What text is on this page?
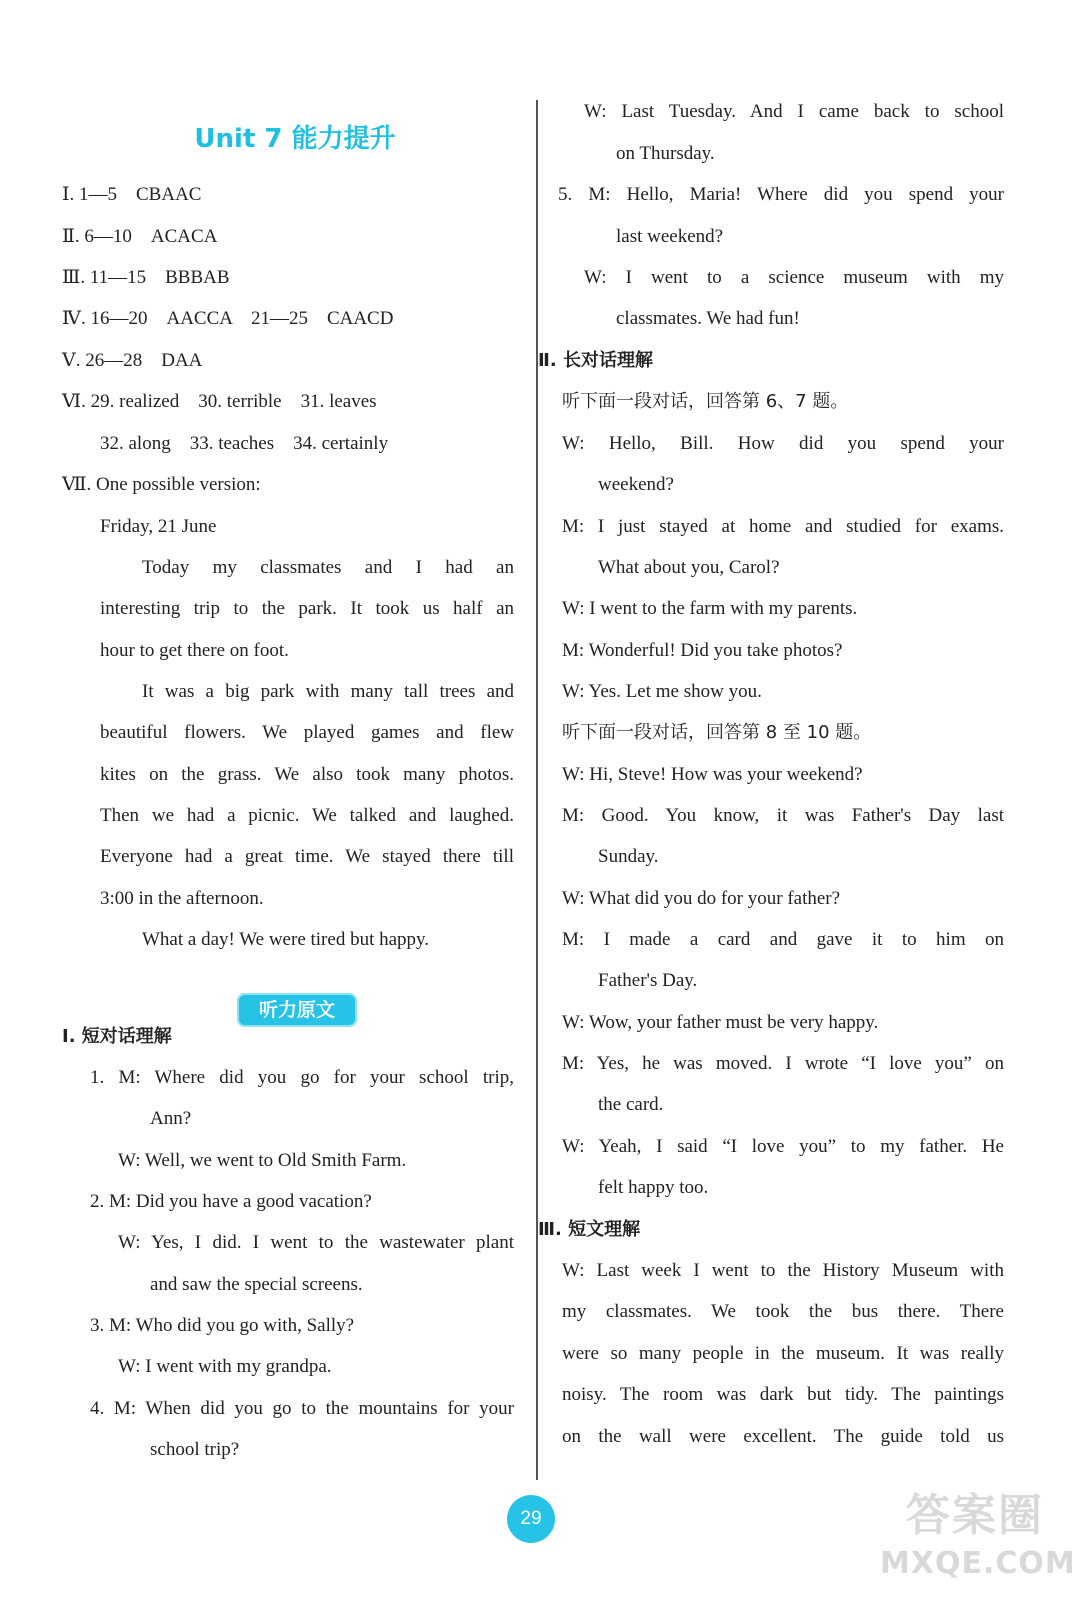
Unit 7 能力提升
Ⅰ. 1—5　CBAAC
Ⅱ. 6—10　ACACA
Ⅲ. 11—15　BBBAB
Ⅳ. 16—20　AACCA　21—25　CAACD
Ⅴ. 26—28　DAA
Ⅵ. 29. realized　30. terrible　31. leaves
32. along　33. teaches　34. certainly
Ⅶ. One possible version:
Friday, 21 June
Today my classmates and I had an
interesting trip to the park. It took us half an
hour to get there on foot.
It was a big park with many tall trees and
beautiful flowers. We played games and flew
kites on the grass. We also took many photos.
Then we had a picnic. We talked and laughed.
Everyone had a great time. We stayed there till
3:00 in the afternoon.
What a day! We were tired but happy.
听力原文
Ⅰ. 短对话理解
1. M: Where did you go for your school trip,
Ann?
W: Well, we went to Old Smith Farm.
2. M: Did you have a good vacation?
W: Yes, I did. I went to the wastewater plant
and saw the special screens.
3. M: Who did you go with, Sally?
W: I went with my grandpa.
4. M: When did you go to the mountains for your
school trip?
W: Last Tuesday. And I came back to school
on Thursday.
5. M: Hello, Maria! Where did you spend your
last weekend?
W: I went to a science museum with my
classmates. We had fun!
Ⅱ. 长对话理解
听下面一段对话，回答第 6、7 题。
W: Hello, Bill. How did you spend your
weekend?
M: I just stayed at home and studied for exams.
What about you, Carol?
W: I went to the farm with my parents.
M: Wonderful! Did you take photos?
W: Yes. Let me show you.
听下面一段对话，回答第 8 至 10 题。
W: Hi, Steve! How was your weekend?
M: Good. You know, it was Father's Day last
Sunday.
W: What did you do for your father?
M: I made a card and gave it to him on
Father's Day.
W: Wow, your father must be very happy.
M: Yes, he was moved. I wrote “I love you” on
the card.
W: Yeah, I said “I love you” to my father. He
felt happy too.
Ⅲ. 短文理解
W: Last week I went to the History Museum with
my classmates. We took the bus there. There
were so many people in the museum. It was really
noisy. The room was dark but tidy. The paintings
on the wall were excellent. The guide told us
29	答案圈
MXQE.COM
